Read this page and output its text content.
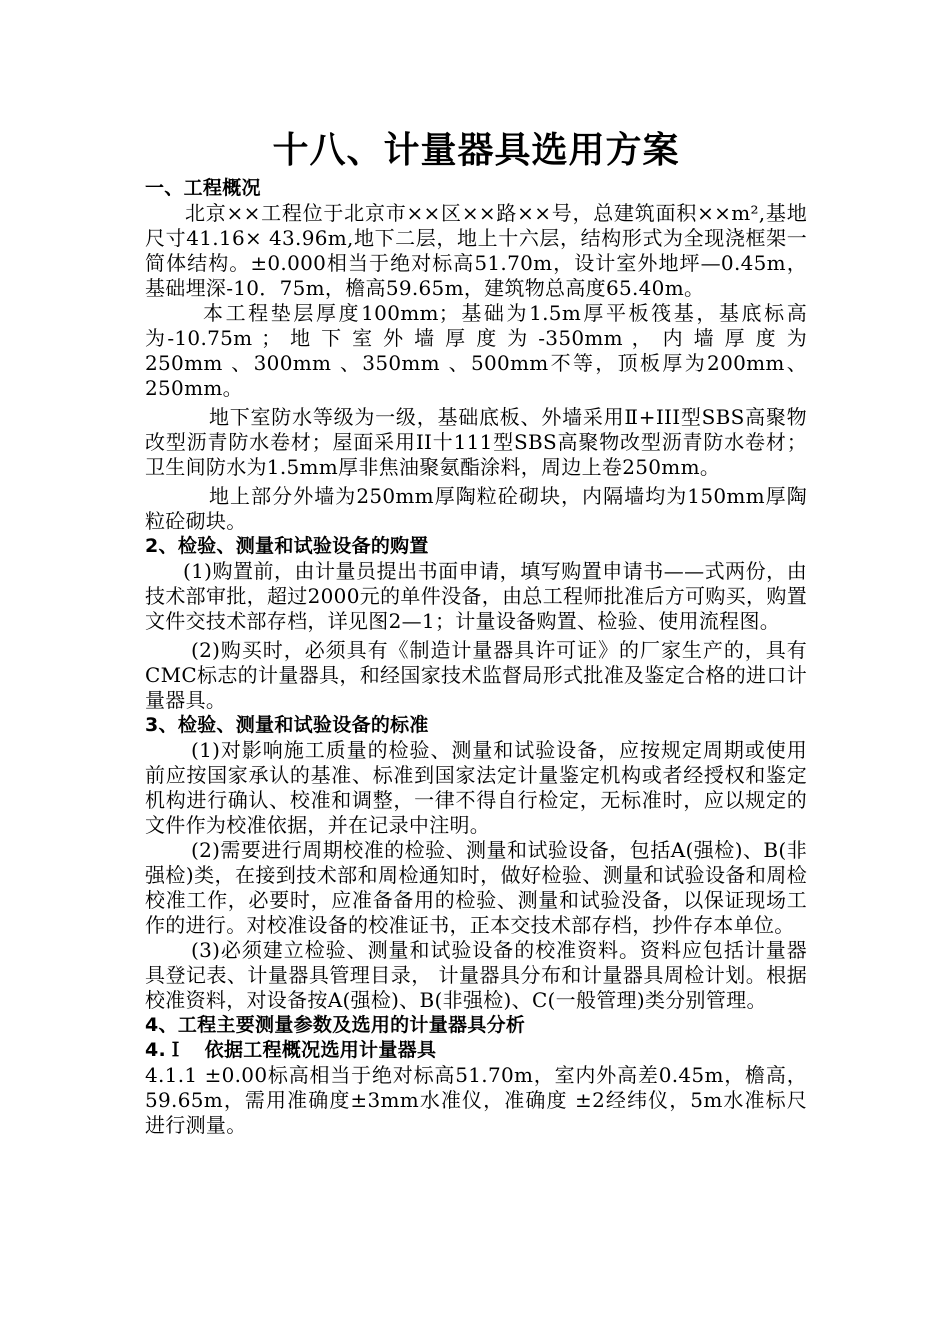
十八、计量器具选用方案
一、工程概况
北京××工程位于北京市××区××路××号，总建筑面积××m²,基地尺寸41.16× 43.96m,地下二层，地上十六层，结构形式为全现浇框架一简体结构。±0.000相当于绝对标高51.70m，设计室外地坪—0.45m，基础埋深-10．75m，檐高59.65m，建筑物总高度65.40m。
本工程垫层厚度100mm；基础为1.5m厚平板筏基，基底标高为-10.75m ； 地 下 室 外 墙 厚 度 为 -350mm ， 内 墙 厚 度 为 250mm 、300mm 、350mm 、500mm不等，顶板厚为200mm、250mm。
地下室防水等级为一级，基础底板、外墙采用Ⅱ+III型SBS高聚物改型沥青防水卷材；屋面采用II十111型SBS高聚物改型沥青防水卷材；卫生间防水为1.5mm厚非焦油聚氨酯涂料，周边上卷250mm。
地上部分外墙为250mm厚陶粒砼砌块，内隔墙均为150mm厚陶粒砼砌块。
2、检验、测量和试验设备的购置
(1)购置前，由计量员提出书面申请，填写购置申请书——式两份，由技术部审批，超过2000元的单件没备，由总工程师批准后方可购买，购置文件交技术部存档，详见图2—1；计量设备购置、检验、使用流程图。
(2)购买时，必须具有《制造计量器具许可证》的厂家生产的，具有CMC标志的计量器具，和经国家技术监督局形式批准及鉴定合格的进口计量器具。
3、检验、测量和试验设备的标准
(1)对影响施工质量的检验、测量和试验设备，应按规定周期或使用前应按国家承认的基准、标准到国家法定计量鉴定机构或者经授权和鉴定机构进行确认、校准和调整，一律不得自行检定，无标准时，应以规定的文件作为校准依据，并在记录中注明。
(2)需要进行周期校准的检验、测量和试验设备，包括A(强检)、B(非强检)类，在接到技术部和周检通知时，做好检验、测量和试验设备和周检校准工作，必要时，应准备备用的检验、测量和试验没备，以保证现场工作的进行。对校准设备的校准证书，正本交技术部存档，抄件存本单位。
(3)必须建立检验、测量和试验设备的校准资料。资料应包括计量器具登记表、计量器具管理目录， 计量器具分布和计量器具周检计划。根据校准资料，对设备按A(强检)、B(非强检)、C(一般管理)类分别管理。
4、工程主要测量参数及选用的计量器具分析
4.Ｉ　依据工程概况选用计量器具
4.1.1 ±0.00标高相当于绝对标高51.70m，室内外高差0.45m，檐高，59.65m，需用准确度±3mm水准仪，准确度 ±2经纬仪，5m水准标尺进行测量。
